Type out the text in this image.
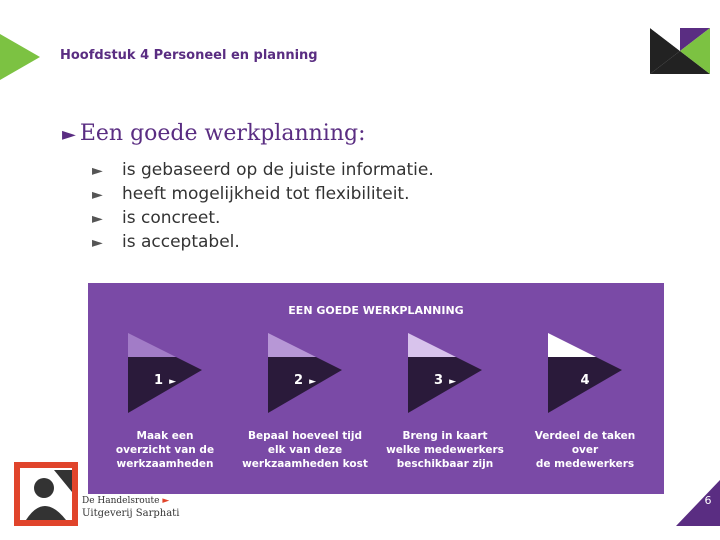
Hoofdstuk 4 Personeel en planning
► Een goede werkplanning:
► is gebaseerd op de juiste informatie.
► heeft mogelijkheid tot flexibiliteit.
► is concreet.
► is acceptabel.
EEN GOEDE WERKPLANNING
1 ►
Maak een
overzicht van de
werkzaamheden
2 ►
Bepaal hoeveel tijd
elk van deze
werkzaamheden kost
3 ►
Breng in kaart
welke medewerkers
beschikbaar zijn
4
Verdeel de taken over
de medewerkers
De Handelsroute ►
Uitgeverij Sarphati
6
